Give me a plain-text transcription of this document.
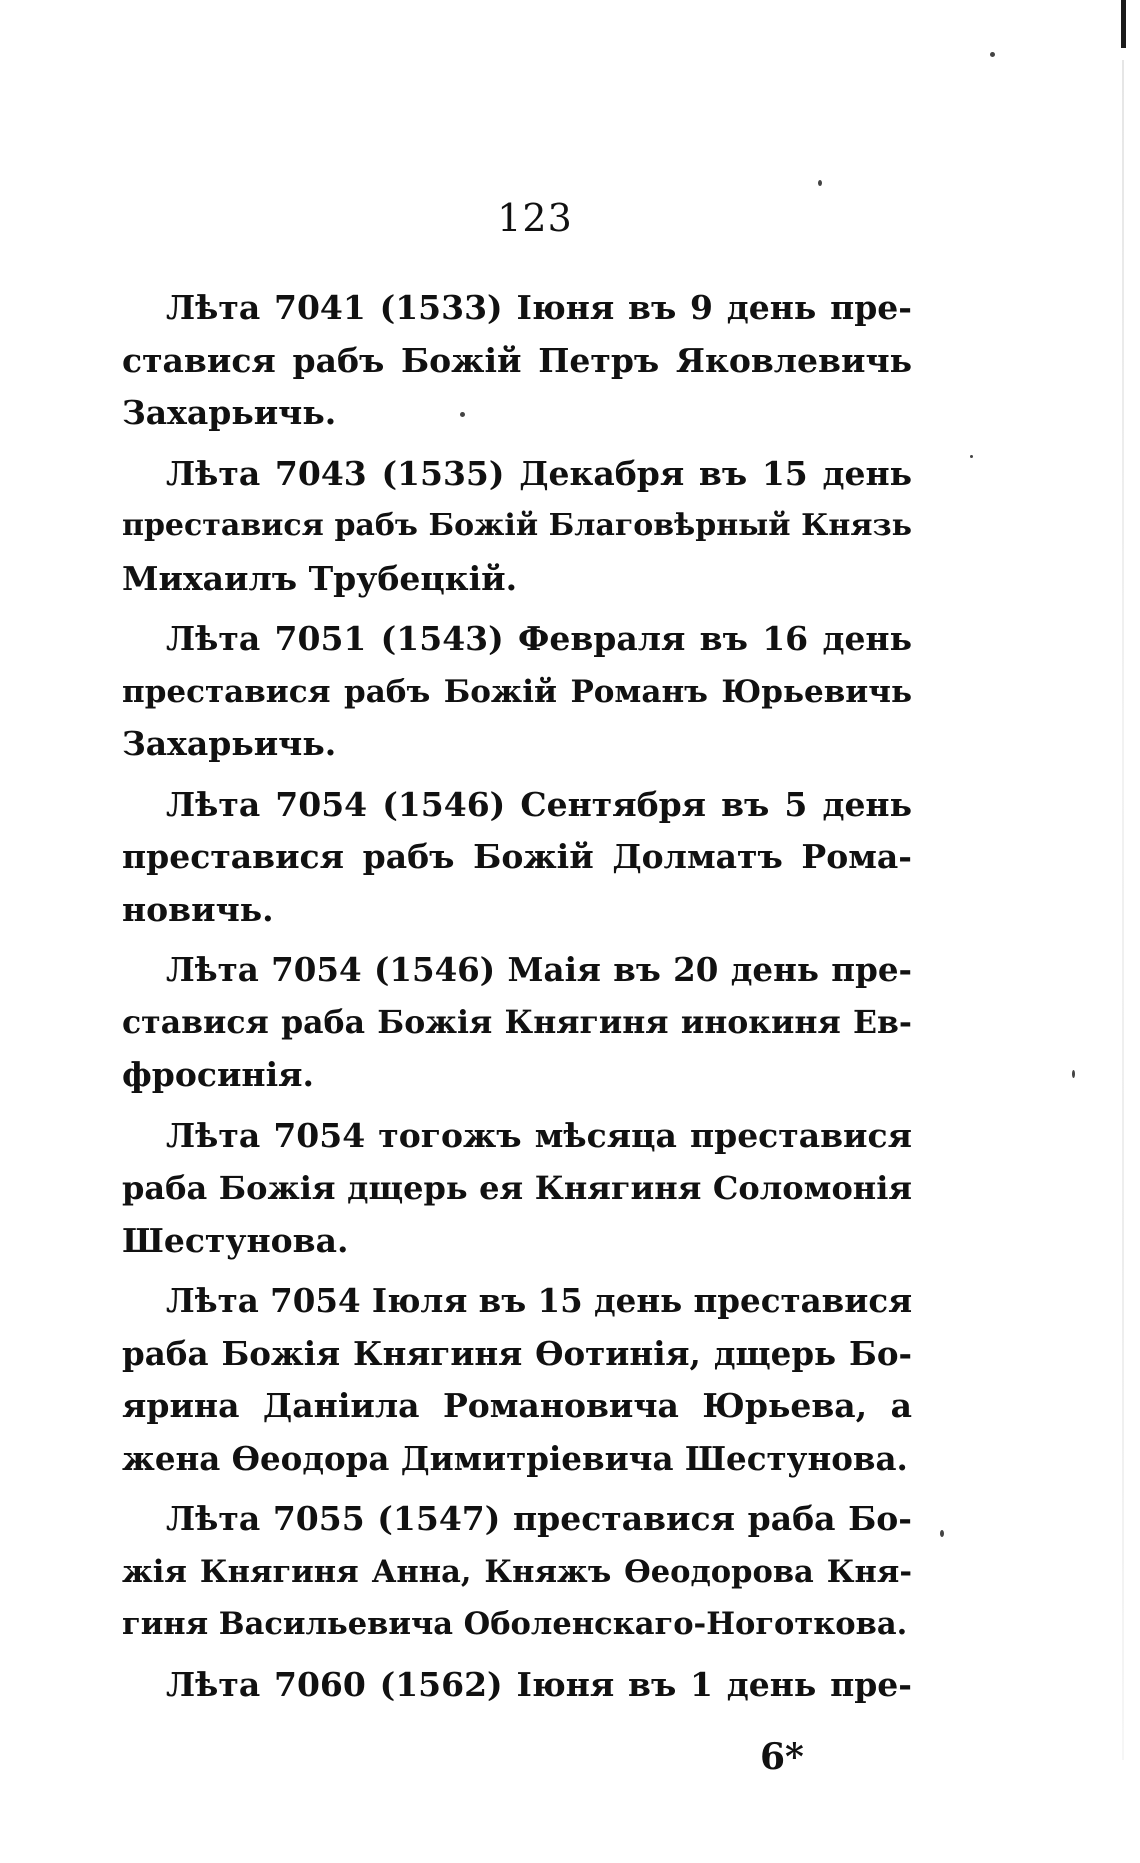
123
Лѣта 7041 (1533) Іюня въ 9 день пре-
ставися рабъ Божій Петръ Яковлевичь
Захарьичь.
Лѣта 7043 (1535) Декабря въ 15 день
преставися рабъ Божій Благовѣрный Князь
Михаилъ Трубецкій.
Лѣта 7051 (1543) Февраля въ 16 день
преставися рабъ Божій Романъ Юрьевичь
Захарьичь.
Лѣта 7054 (1546) Сентября въ 5 день
преставися рабъ Божій Долматъ Рома-
новичь.
Лѣта 7054 (1546) Маія въ 20 день пре-
ставися раба Божія Княгиня инокиня Ев-
фросинія.
Лѣта 7054 тогожъ мѣсяца преставися
раба Божія дщерь ея Княгиня Соломонія
Шестунова.
Лѣта 7054 Іюля въ 15 день преставися
раба Божія Княгиня Ѳотинія, дщерь Бо-
ярина Даніила Романовича Юрьева, а
жена Ѳеодора Димитріевича Шестунова.
Лѣта 7055 (1547) преставися раба Бо-
жія Княгиня Анна, Княжъ Ѳеодорова Кня-
гиня Васильевича Оболенскаго-Ноготкова.
Лѣта 7060 (1562) Іюня въ 1 день пре-
6*
